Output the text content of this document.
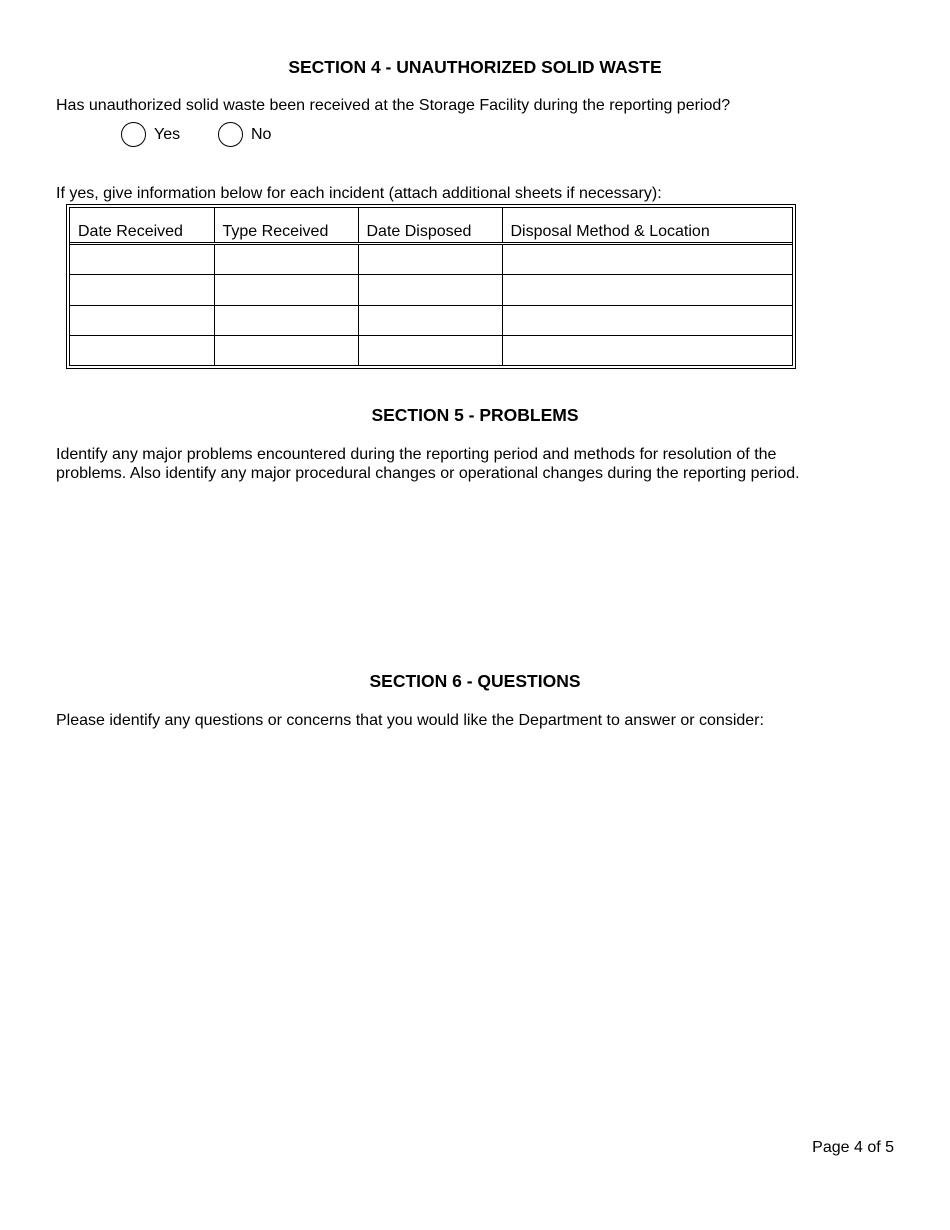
SECTION 4 - UNAUTHORIZED SOLID WASTE
Has unauthorized solid waste been received at the Storage Facility during the reporting period?
Yes	No
If yes, give information below for each incident (attach additional sheets if necessary):
Date Received	Type Received	Date Disposed	Disposal Method & Location

SECTION 5 - PROBLEMS
Identify any major problems encountered during the reporting period and methods for resolution of the
problems. Also identify any major procedural changes or operational changes during the reporting period.
SECTION 6 - QUESTIONS
Please identify any questions or concerns that you would like the Department to answer or consider:
Page 4 of 5
